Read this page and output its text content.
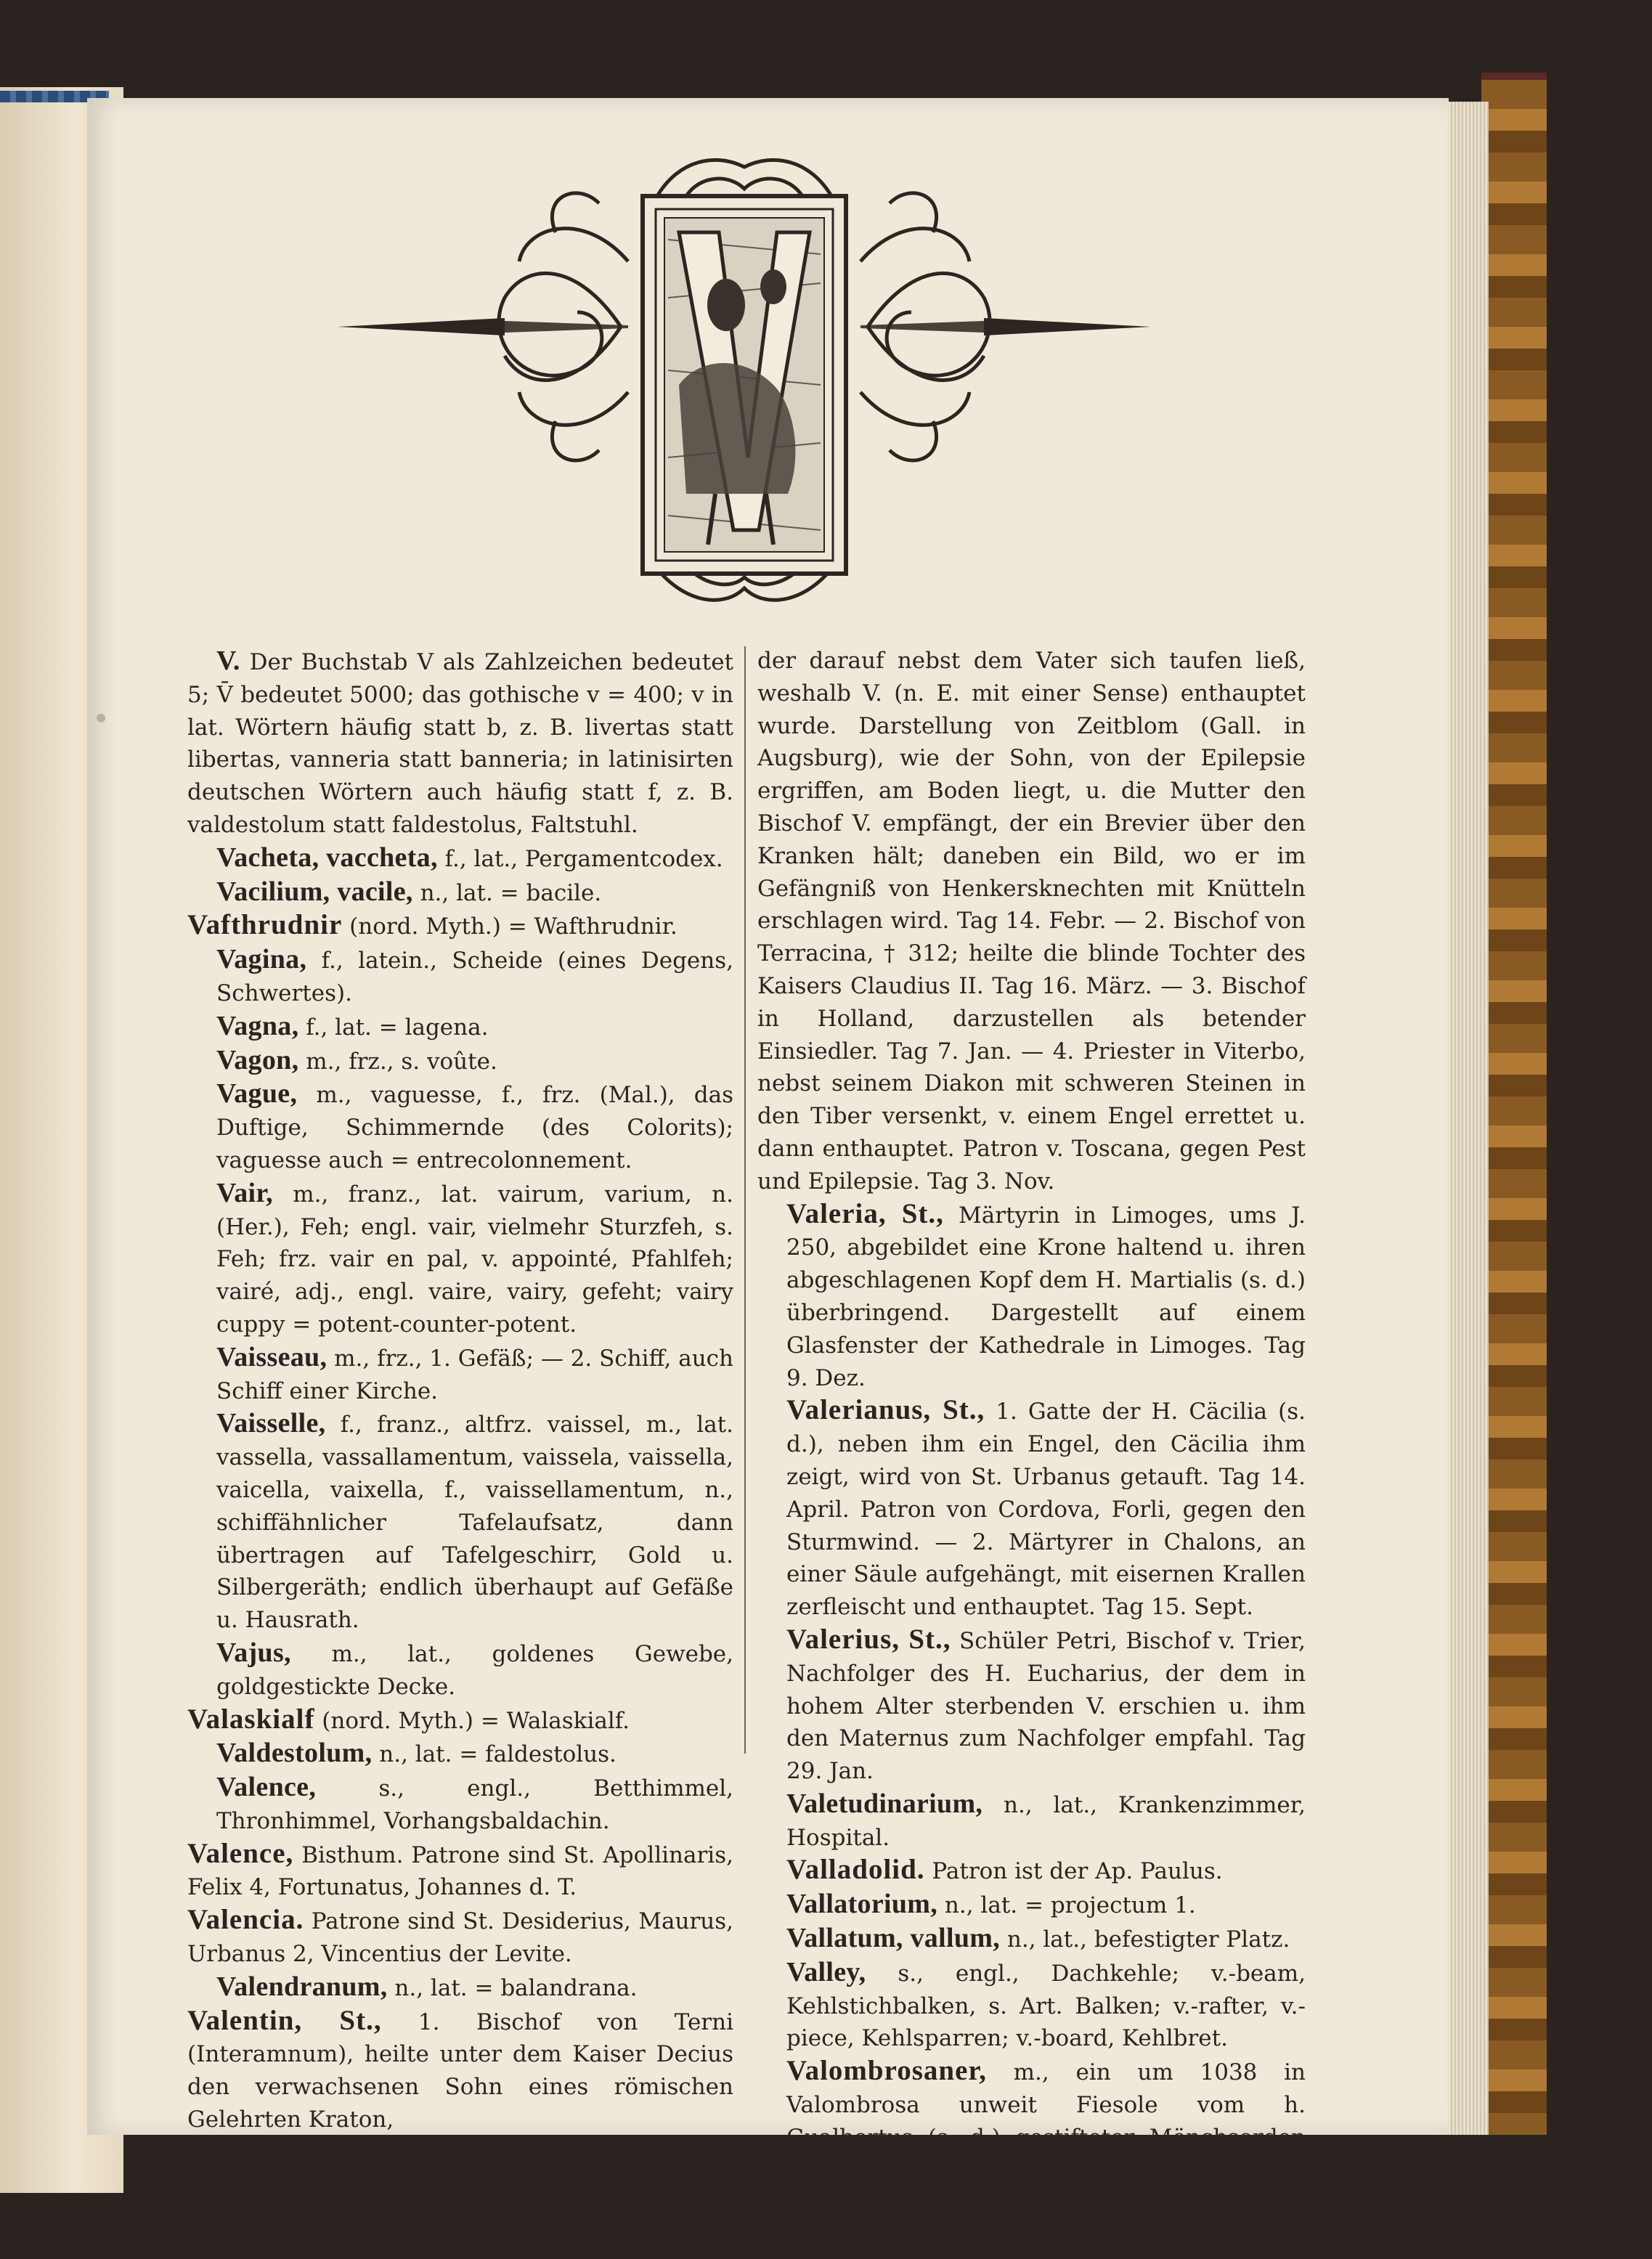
V. Der Buchstab V als Zahlzeichen bedeutet 5; V̄ bedeutet 5000; das gothische v = 400; v in lat. Wörtern häufig statt b, z. B. livertas statt libertas, vanneria statt banneria; in latinisirten deutschen Wörtern auch häufig statt f, z. B. valdestolum statt faldestolus, Faltstuhl.

Vacheta, vaccheta, f., lat., Pergamentcodex.

Vacilium, vacile, n., lat. = bacile.

Vafthrudnir (nord. Myth.) = Wafthrudnir.

Vagina, f., latein., Scheide (eines Degens, Schwertes).

Vagna, f., lat. = lagena.

Vagon, m., frz., s. voûte.

Vague, m., vaguesse, f., frz. (Mal.), das Duftige, Schimmernde (des Colorits); vaguesse auch = entrecolonnement.

Vair, m., franz., lat. vairum, varium, n. (Her.), Feh; engl. vair, vielmehr Sturzfeh, s. Feh; frz. vair en pal, v. appointé, Pfahlfeh; vairé, adj., engl. vaire, vairy, gefeht; vairy cuppy = potent-counter-potent.

Vaisseau, m., frz., 1. Gefäß; — 2. Schiff, auch Schiff einer Kirche.

Vaisselle, f., franz., altfrz. vaissel, m., lat. vassella, vassallamentum, vaissela, vaissella, vaicella, vaixella, f., vaissellamentum, n., schiffähnlicher Tafelaufsatz, dann übertragen auf Tafelgeschirr, Gold u. Silbergeräth; endlich überhaupt auf Gefäße u. Hausrath.

Vajus, m., lat., goldenes Gewebe, goldgestickte Decke.

Valaskialf (nord. Myth.) = Walaskialf.

Valdestolum, n., lat. = faldestolus.

Valence, s., engl., Betthimmel, Thronhimmel, Vorhangsbaldachin.

Valence, Bisthum. Patrone sind St. Apollinaris, Felix 4, Fortunatus, Johannes d. T.

Valencia. Patrone sind St. Desiderius, Maurus, Urbanus 2, Vincentius der Levite.

Valendranum, n., lat. = balandrana.

Valentin, St., 1. Bischof von Terni (Interamnum), heilte unter dem Kaiser Decius den verwachsenen Sohn eines römischen Gelehrten Kraton,

der darauf nebst dem Vater sich taufen ließ, weshalb V. (n. E. mit einer Sense) enthauptet wurde. Darstellung von Zeitblom (Gall. in Augsburg), wie der Sohn, von der Epilepsie ergriffen, am Boden liegt, u. die Mutter den Bischof V. empfängt, der ein Brevier über den Kranken hält; daneben ein Bild, wo er im Gefängniß von Henkersknechten mit Knütteln erschlagen wird. Tag 14. Febr. — 2. Bischof von Terracina, † 312; heilte die blinde Tochter des Kaisers Claudius II. Tag 16. März. — 3. Bischof in Holland, darzustellen als betender Einsiedler. Tag 7. Jan. — 4. Priester in Viterbo, nebst seinem Diakon mit schweren Steinen in den Tiber versenkt, v. einem Engel errettet u. dann enthauptet. Patron v. Toscana, gegen Pest und Epilepsie. Tag 3. Nov.

Valeria, St., Märtyrin in Limoges, ums J. 250, abgebildet eine Krone haltend u. ihren abgeschlagenen Kopf dem H. Martialis (s. d.) überbringend. Dargestellt auf einem Glasfenster der Kathedrale in Limoges. Tag 9. Dez.

Valerianus, St., 1. Gatte der H. Cäcilia (s. d.), neben ihm ein Engel, den Cäcilia ihm zeigt, wird von St. Urbanus getauft. Tag 14. April. Patron von Cordova, Forli, gegen den Sturmwind. — 2. Märtyrer in Chalons, an einer Säule aufgehängt, mit eisernen Krallen zerfleischt und enthauptet. Tag 15. Sept.

Valerius, St., Schüler Petri, Bischof v. Trier, Nachfolger des H. Eucharius, der dem in hohem Alter sterbenden V. erschien u. ihm den Maternus zum Nachfolger empfahl. Tag 29. Jan.

Valetudinarium, n., lat., Krankenzimmer, Hospital.

Valladolid. Patron ist der Ap. Paulus.

Vallatorium, n., lat. = projectum 1.

Vallatum, vallum, n., lat., befestigter Platz.

Valley, s., engl., Dachkehle; v.-beam, Kehlstichbalken, s. Art. Balken; v.-rafter, v.-piece, Kehlsparren; v.-board, Kehlbret.

Valombrosaner, m., ein um 1038 in Valombrosa unweit Fiesole vom h. Gualbertus (s. d.) gestifteter Mönchsorden nach Benedictinerregel.
